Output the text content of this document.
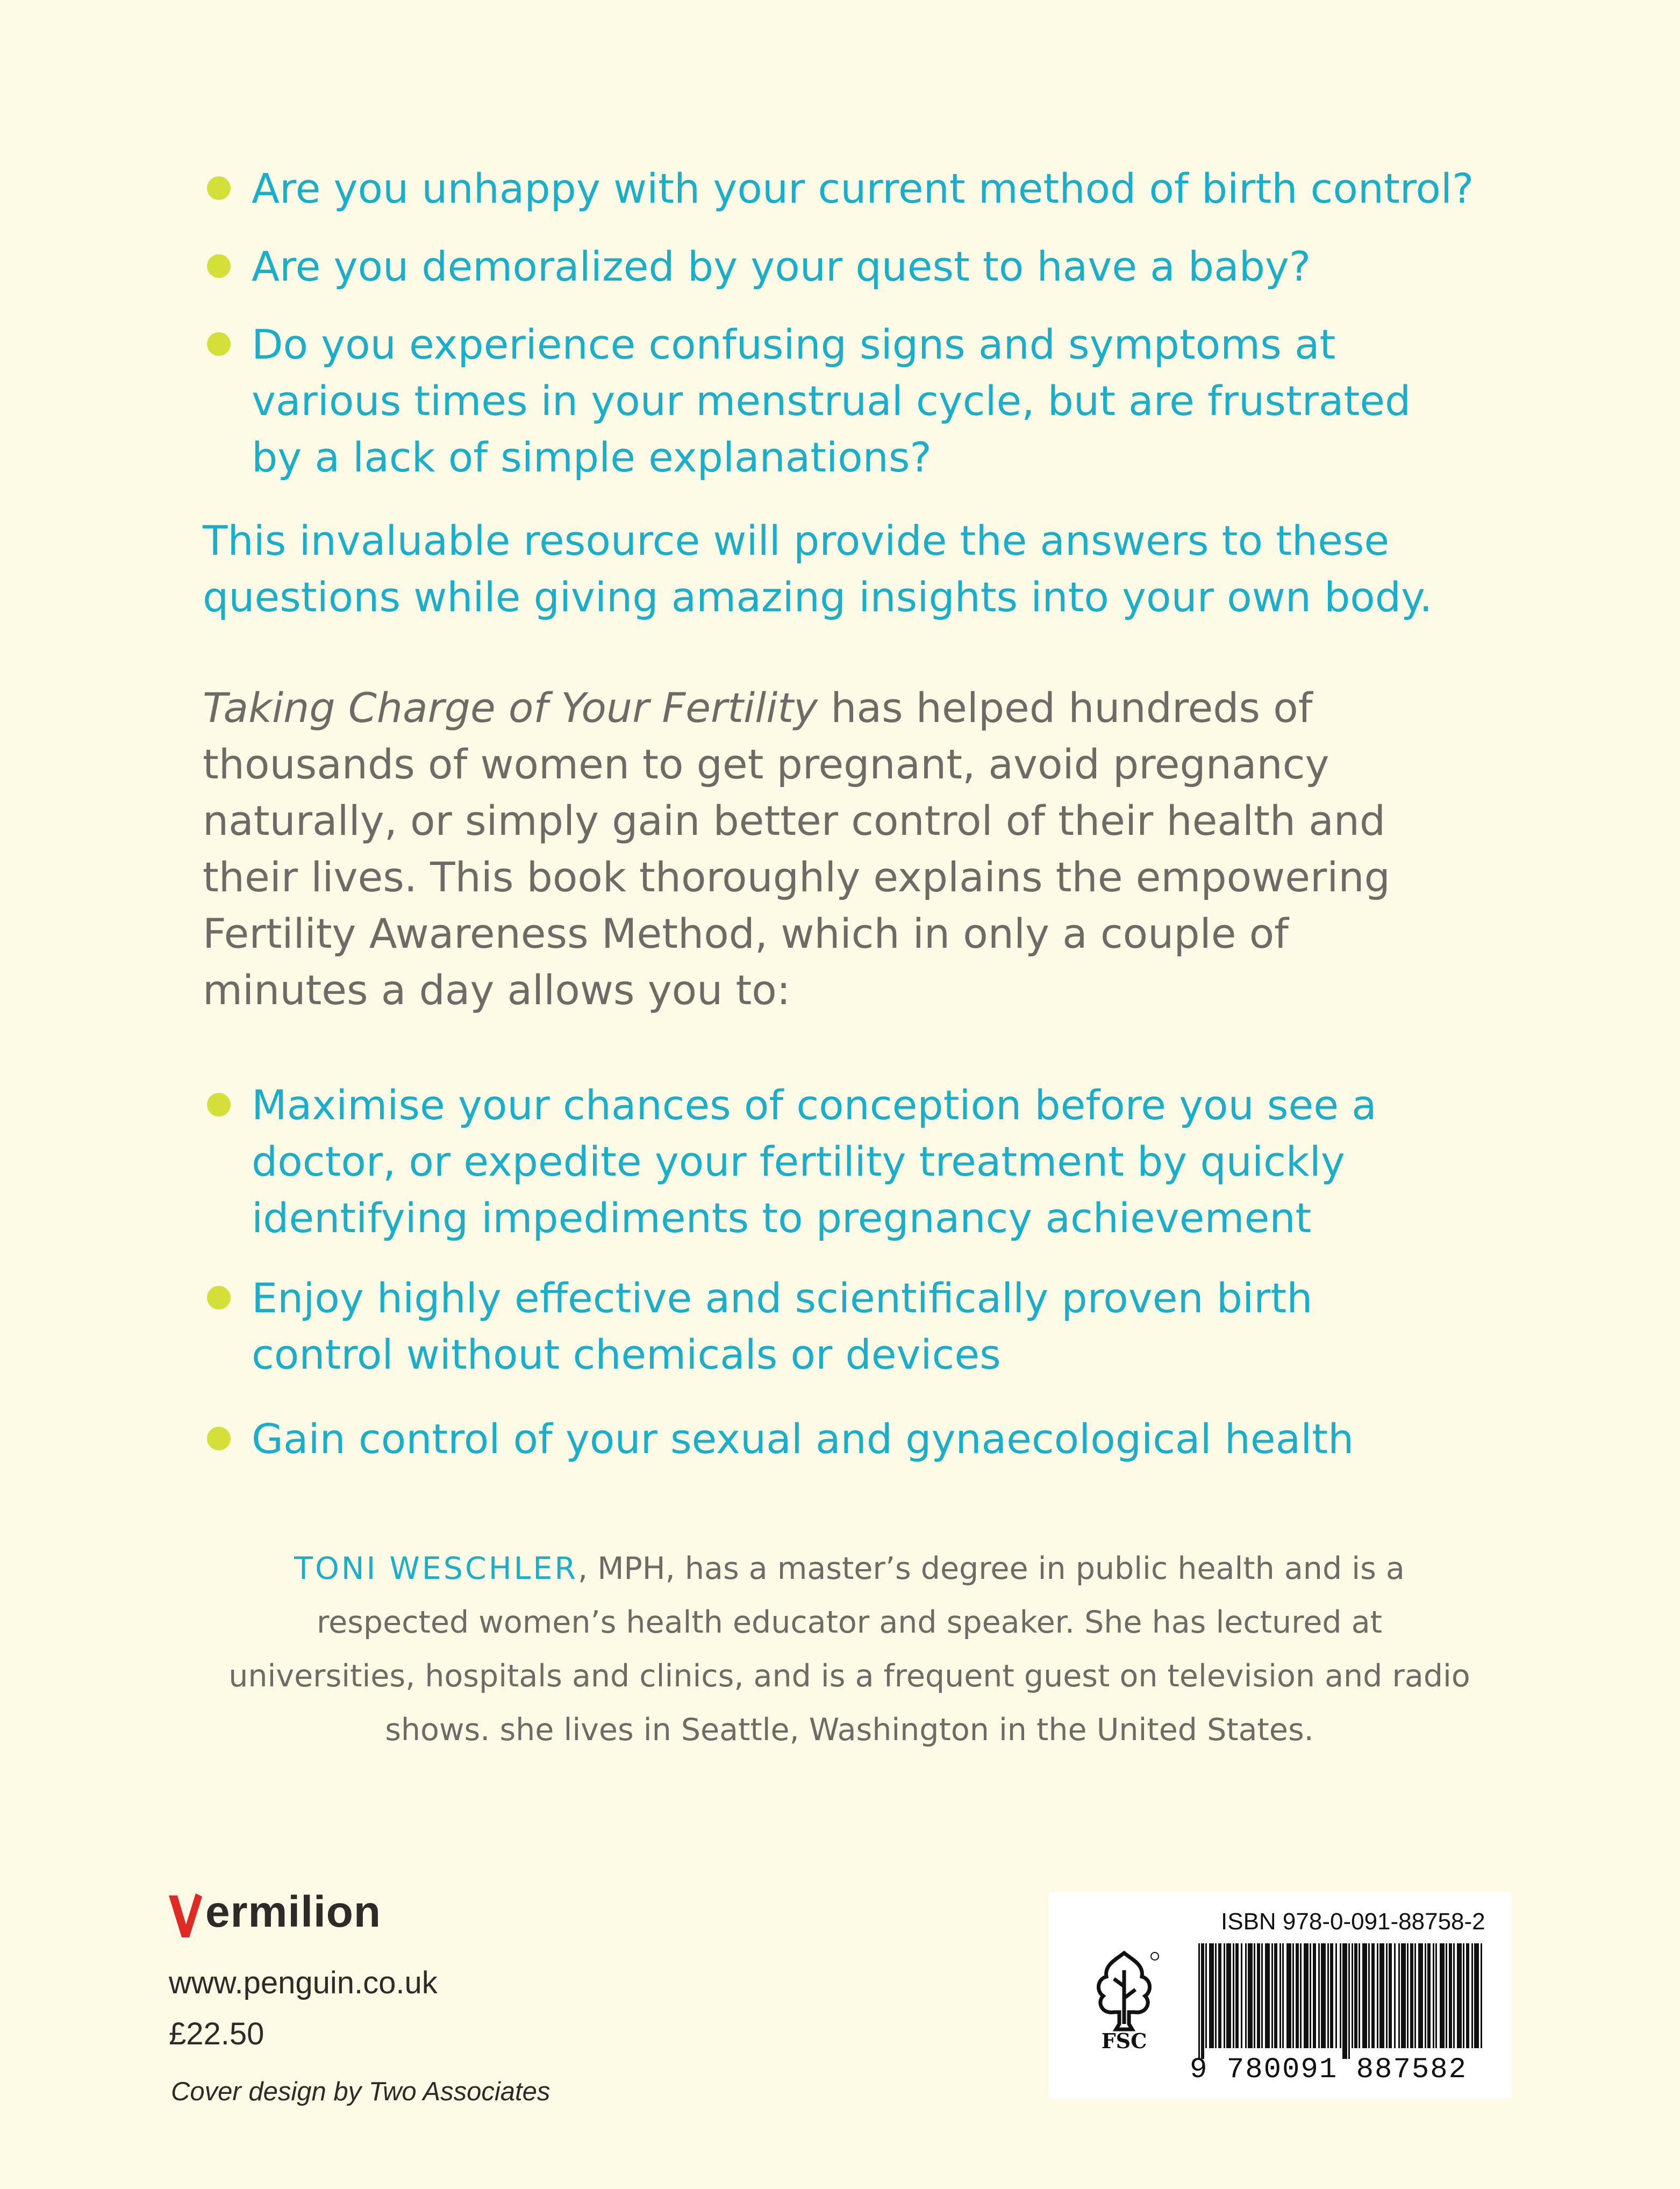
Are you unhappy with your current method of birth control?
Are you demoralized by your quest to have a baby?
Do you experience confusing signs and symptoms at various times in your menstrual cycle, but are frustrated by a lack of simple explanations?
This invaluable resource will provide the answers to these questions while giving amazing insights into your own body.
Taking Charge of Your Fertility has helped hundreds of thousands of women to get pregnant, avoid pregnancy naturally, or simply gain better control of their health and their lives. This book thoroughly explains the empowering Fertility Awareness Method, which in only a couple of minutes a day allows you to:
Maximise your chances of conception before you see a doctor, or expedite your fertility treatment by quickly identifying impediments to pregnancy achievement
Enjoy highly effective and scientifically proven birth control without chemicals or devices
Gain control of your sexual and gynaecological health
TONI WESCHLER, MPH, has a master’s degree in public health and is a respected women’s health educator and speaker. She has lectured at universities, hospitals and clinics, and is a frequent guest on television and radio shows. she lives in Seattle, Washington in the United States.
ermilion
www.penguin.co.uk
£22.50
Cover design by Two Associates
FSC
ISBN 978-0-091-88758-2
9 780091 887582
